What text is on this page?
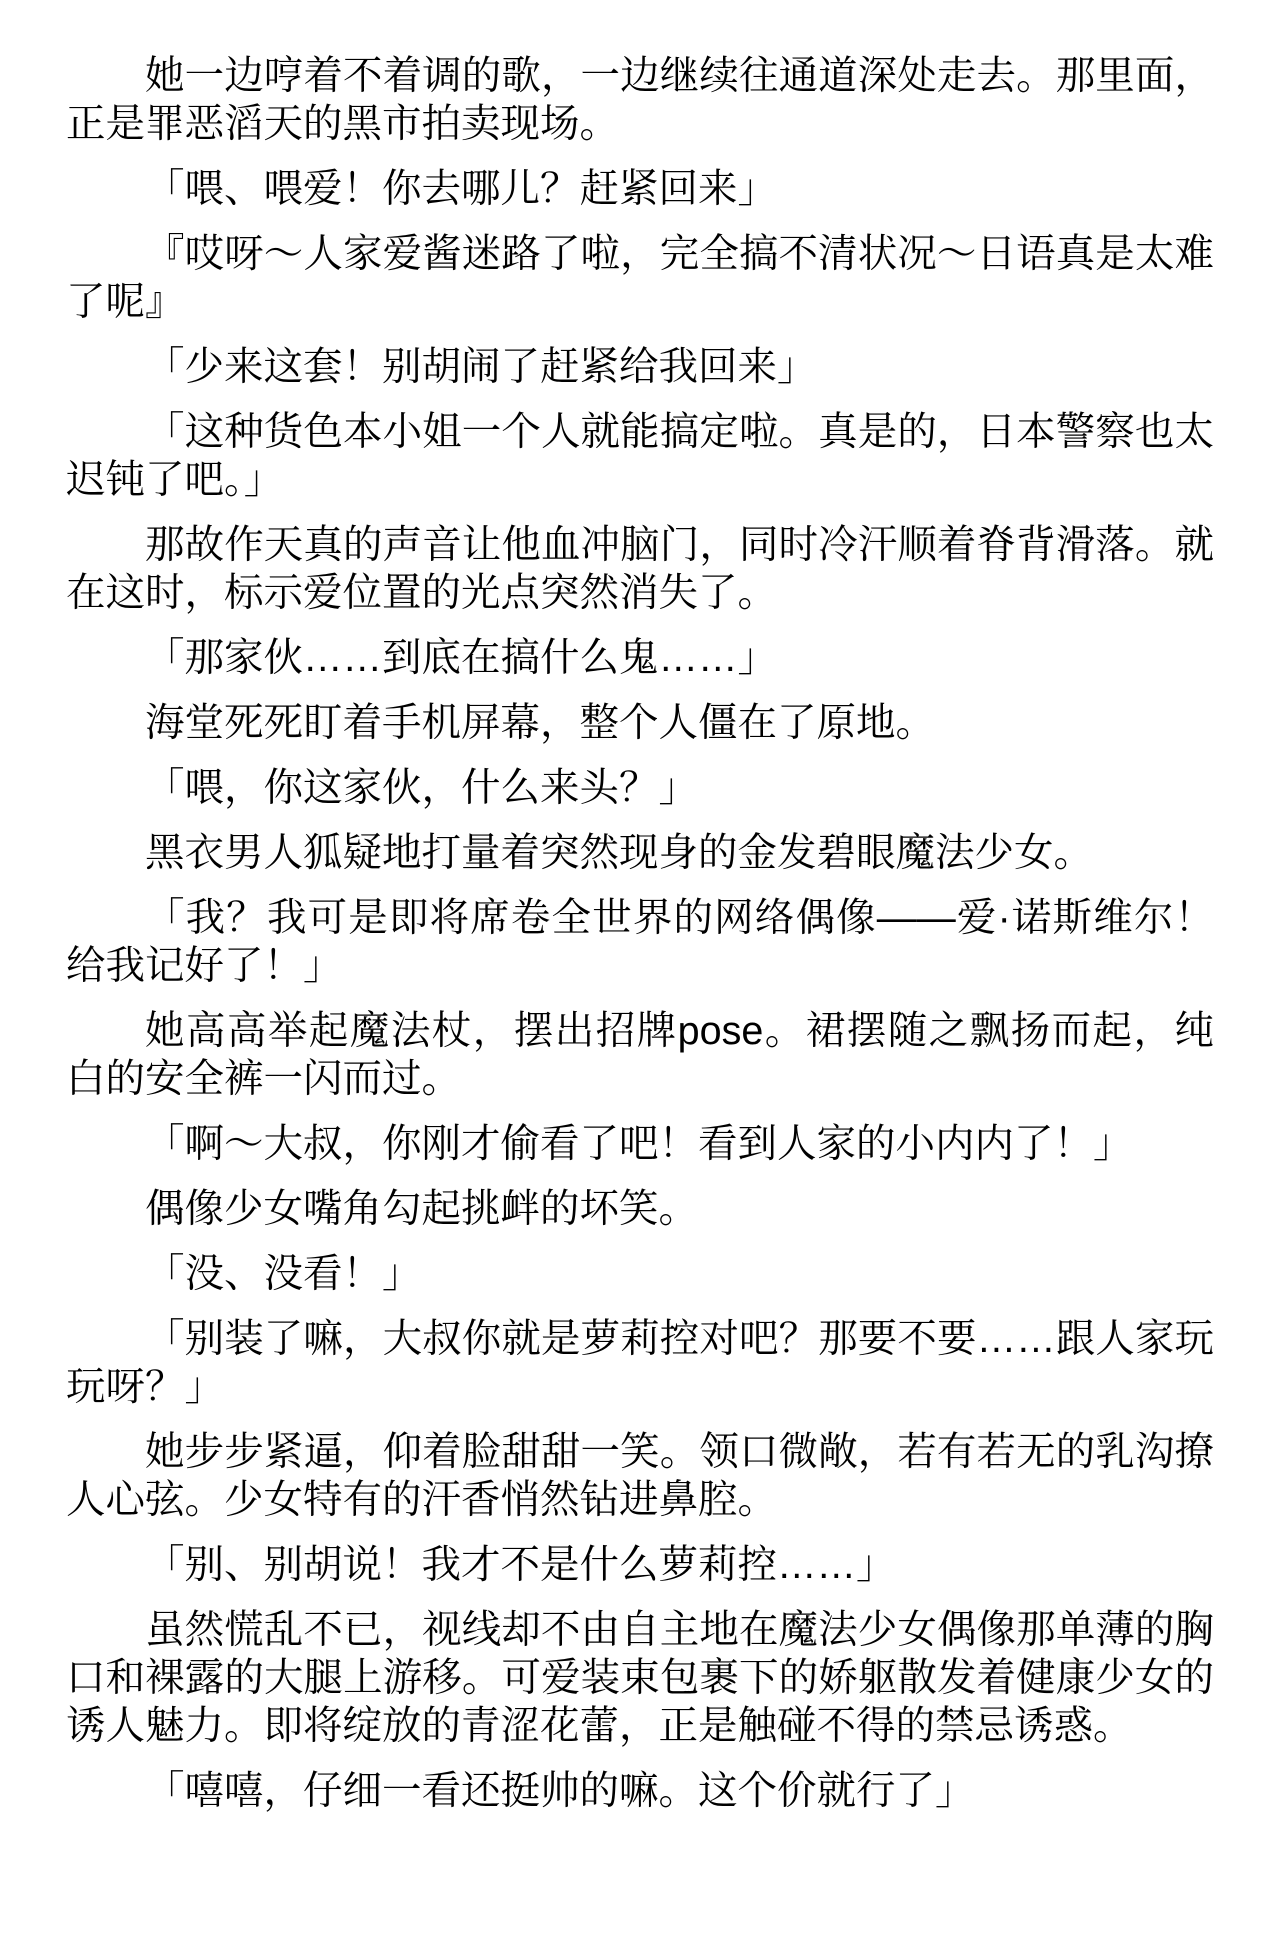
她一边哼着不着调的歌，一边继续往通道深处走去。那里面，正是罪恶滔天的黑市拍卖现场。

「喂、喂爱！你去哪儿？赶紧回来」

『哎呀～人家爱酱迷路了啦，完全搞不清状况～日语真是太难了呢』

「少来这套！别胡闹了赶紧给我回来」

「这种货色本小姐一个人就能搞定啦。真是的，日本警察也太迟钝了吧。」

那故作天真的声音让他血冲脑门，同时冷汗顺着脊背滑落。就在这时，标示爱位置的光点突然消失了。

「那家伙……到底在搞什么鬼……」

海堂死死盯着手机屏幕，整个人僵在了原地。

「喂，你这家伙，什么来头？」

黑衣男人狐疑地打量着突然现身的金发碧眼魔法少女。

「我？我可是即将席卷全世界的网络偶像——爱·诺斯维尔！给我记好了！」

她高高举起魔法杖，摆出招牌pose。裙摆随之飘扬而起，纯白的安全裤一闪而过。

「啊～大叔，你刚才偷看了吧！看到人家的小内内了！」

偶像少女嘴角勾起挑衅的坏笑。

「没、没看！」

「别装了嘛，大叔你就是萝莉控对吧？那要不要……跟人家玩玩呀？」

她步步紧逼，仰着脸甜甜一笑。领口微敞，若有若无的乳沟撩人心弦。少女特有的汗香悄然钻进鼻腔。

「别、别胡说！我才不是什么萝莉控……」

虽然慌乱不已，视线却不由自主地在魔法少女偶像那单薄的胸口和裸露的大腿上游移。可爱装束包裹下的娇躯散发着健康少女的诱人魅力。即将绽放的青涩花蕾，正是触碰不得的禁忌诱惑。

「嘻嘻，仔细一看还挺帅的嘛。这个价就行了」
